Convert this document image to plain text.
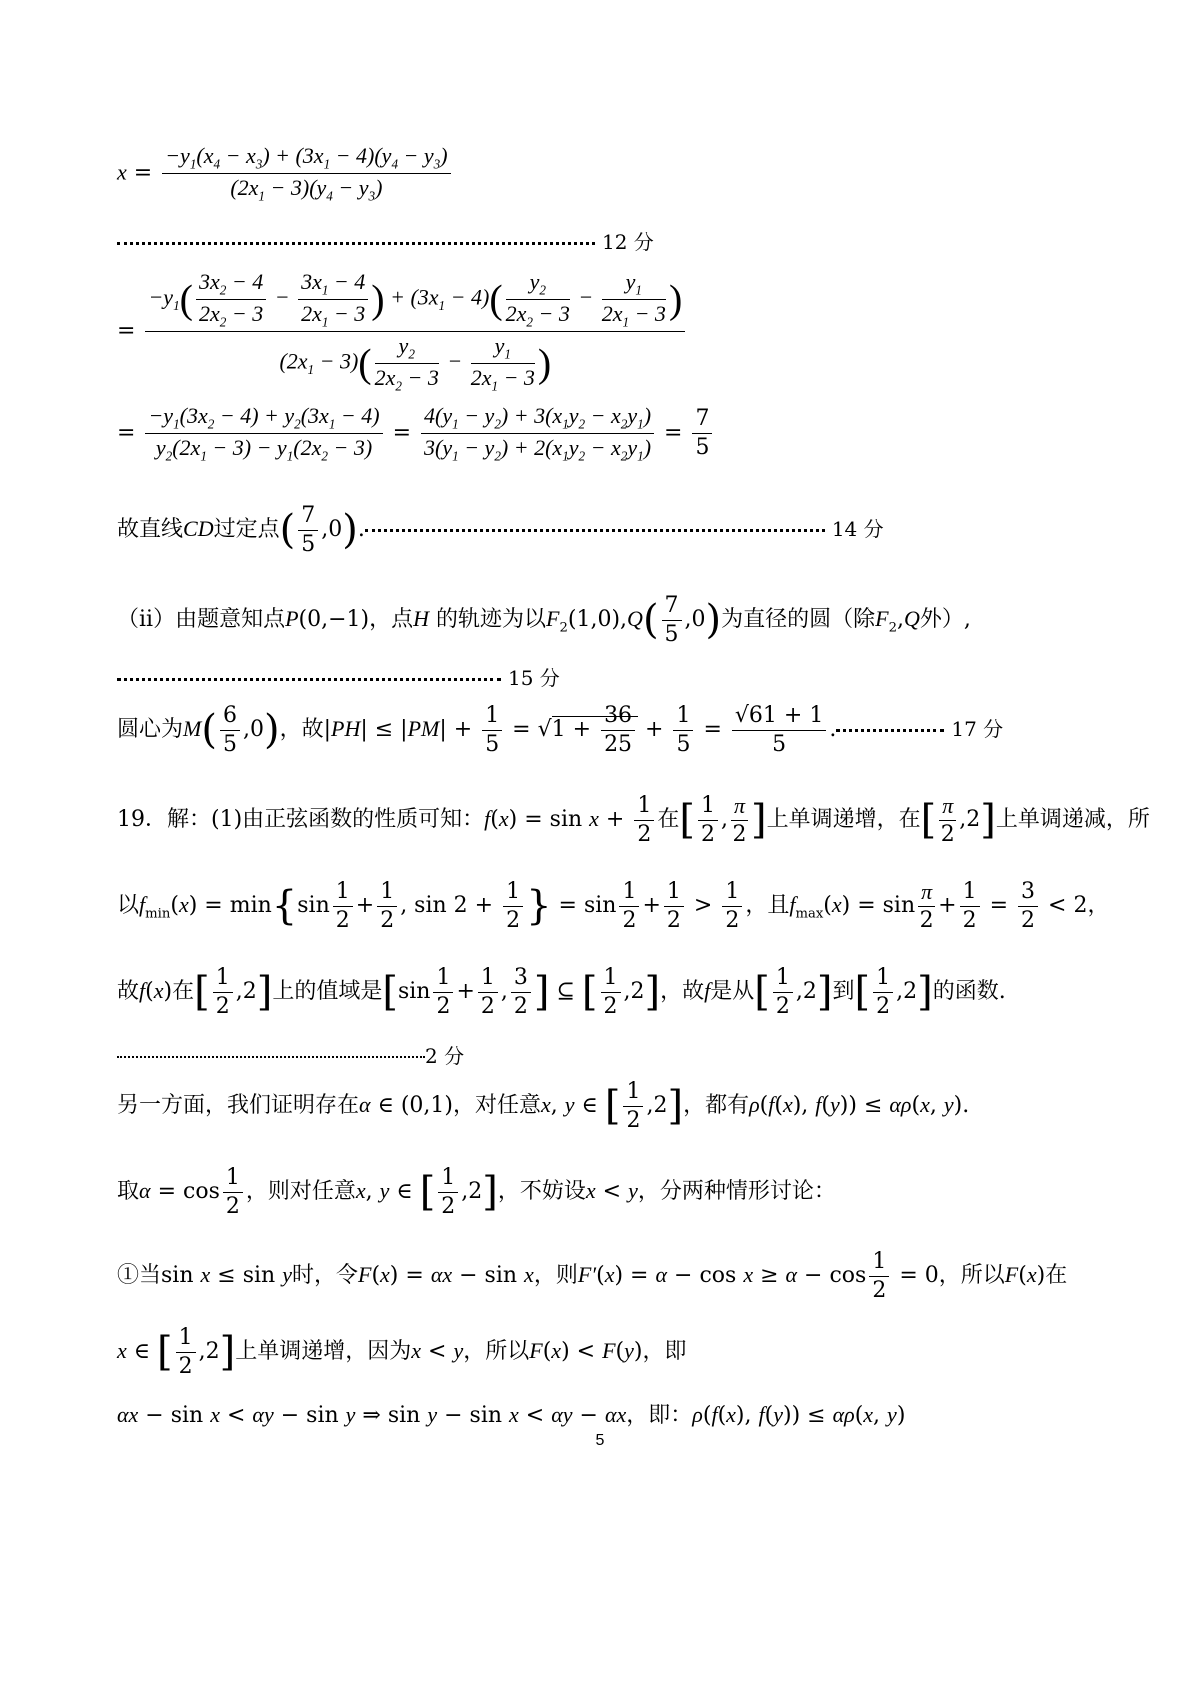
$x = \frac{-y_1(x_4 - x_3) + (3x_1 - 4)(y_4 - y_3)}{(2x_1 - 3)(y_4 - y_3)}$
12 分
=
$-y_1( \frac{3x_2 - 4}{2x_2 - 3} - \frac{3x_1 - 4}{2x_1 - 3}$ ) + $(3x_1 - 4)( \frac{y_2}{2x_2 - 3} - \frac{y_1}{2x_1 - 3}$ )
$(2x_1 - 3)( \frac{y_2}{2x_2 - 3} - \frac{y_1}{2x_1 - 3}$ )
= $\frac{-y_1(3x_2 - 4) + y_2(3x_1 - 4)}{y_2(2x_1 - 3) - y_1(2x_2 - 3)} = \frac{4(y_1 - y_2) + 3(x_1y_2 - x_2y_1)}{3(y_1 - y_2) + 2(x_1y_2 - x_2y_1)} = \frac{7}{5}$
故直线CD过定点( $\frac{7}{5} ,0$).	14 分
（ii）由题意知点P(0,−1)，点H 的轨迹为以$F_2(1,0),Q( \frac{7}{5} ,0)$为直径的圆（除$F_2,Q$外）,
15 分
圆心为$M( \frac{6}{5} ,0)$，故$|PH| \le |PM| + \frac{1}{5} = √1 + \frac{36}{25} + \frac{1}{5} = \frac{√61 + 1}{5}$ .	17 分
19．解：(1)由正弦函数的性质可知：$f(x) = \sin x + \frac{1}{2}$ 在[ $\frac{1}{2}$ , $\frac{\pi}{2}$ ]上单调递增，在[ $\frac{\pi}{2} ,2$]上单调递减，所
以$f_{min}(x) = \min\{\sin \frac{1}{2} + \frac{1}{2}$ , $\sin 2 + \frac{1}{2}$ } = $\sin \frac{1}{2} + \frac{1}{2} > \frac{1}{2}$ ，且$f_{max}(x) = \sin \frac{\pi}{2} + \frac{1}{2} = \frac{3}{2} < 2$，
故f(x)在[ $\frac{1}{2} ,2$]上的值域是[$\sin \frac{1}{2} + \frac{1}{2}$ , $\frac{3}{2}$ ] ⊆ [ $\frac{1}{2} ,2$]，故f是从[ $\frac{1}{2} ,2$]到[ $\frac{1}{2} ,2$]的函数.
2 分
另一方面，我们证明存在α ∈ (0,1)，对任意x, y ∈ [ $\frac{1}{2} ,2$]，都有ρ(f(x), f(y)) ≤ αρ(x, y).
取$\alpha = \cos \frac{1}{2}$ ，则对任意x, y ∈ [ $\frac{1}{2} ,2$]，不妨设x < y，分两种情形讨论：
①当sin x ≤ sin y时，令F(x) = αx − sin x，则$F'(x) = \alpha - \cos x \ge \alpha - \cos \frac{1}{2} = 0$，所以F(x)在
x ∈ [ $\frac{1}{2} ,2$]上单调递增，因为x < y，所以F(x) < F(y)，即
αx − sin x < αy − sin y ⇒ sin y − sin x < αy − αx，即：ρ(f(x), f(y)) ≤ αρ(x, y)
5
